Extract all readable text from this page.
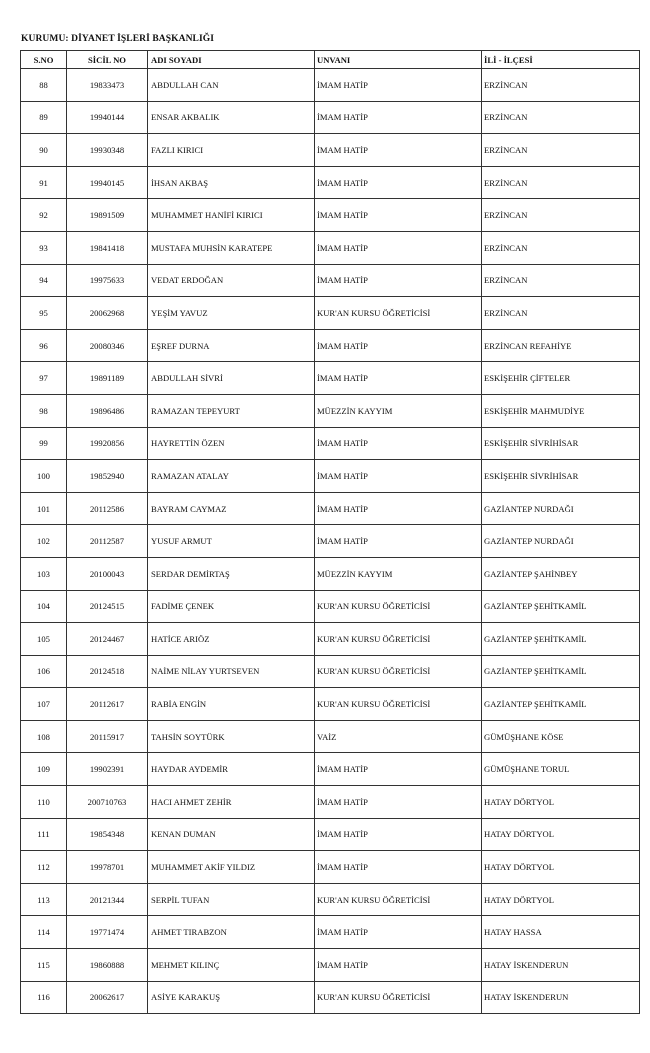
KURUMU: DİYANET İŞLERİ BAŞKANLIĞI
S.NO	SİCİL NO	ADI SOYADI	UNVANI	İLİ - İLÇESİ
88	19833473	ABDULLAH CAN	İMAM HATİP	ERZİNCAN
89	19940144	ENSAR AKBALIK	İMAM HATİP	ERZİNCAN
90	19930348	FAZLI KIRICI	İMAM HATİP	ERZİNCAN
91	19940145	İHSAN AKBAŞ	İMAM HATİP	ERZİNCAN
92	19891509	MUHAMMET HANİFİ KIRICI	İMAM HATİP	ERZİNCAN
93	19841418	MUSTAFA MUHSİN KARATEPE	İMAM HATİP	ERZİNCAN
94	19975633	VEDAT ERDOĞAN	İMAM HATİP	ERZİNCAN
95	20062968	YEŞİM YAVUZ	KUR'AN KURSU ÖĞRETİCİSİ	ERZİNCAN
96	20080346	EŞREF DURNA	İMAM HATİP	ERZİNCAN REFAHİYE
97	19891189	ABDULLAH SİVRİ	İMAM HATİP	ESKİŞEHİR ÇİFTELER
98	19896486	RAMAZAN TEPEYURT	MÜEZZİN KAYYIM	ESKİŞEHİR MAHMUDİYE
99	19920856	HAYRETTİN ÖZEN	İMAM HATİP	ESKİŞEHİR SİVRİHİSAR
100	19852940	RAMAZAN ATALAY	İMAM HATİP	ESKİŞEHİR SİVRİHİSAR
101	20112586	BAYRAM CAYMAZ	İMAM HATİP	GAZİANTEP NURDAĞI
102	20112587	YUSUF ARMUT	İMAM HATİP	GAZİANTEP NURDAĞI
103	20100043	SERDAR DEMİRTAŞ	MÜEZZİN KAYYIM	GAZİANTEP ŞAHİNBEY
104	20124515	FADİME ÇENEK	KUR'AN KURSU ÖĞRETİCİSİ	GAZİANTEP ŞEHİTKAMİL
105	20124467	HATİCE ARIÖZ	KUR'AN KURSU ÖĞRETİCİSİ	GAZİANTEP ŞEHİTKAMİL
106	20124518	NAİME NİLAY YURTSEVEN	KUR'AN KURSU ÖĞRETİCİSİ	GAZİANTEP ŞEHİTKAMİL
107	20112617	RABİA ENGİN	KUR'AN KURSU ÖĞRETİCİSİ	GAZİANTEP ŞEHİTKAMİL
108	20115917	TAHSİN SOYTÜRK	VAİZ	GÜMÜŞHANE KÖSE
109	19902391	HAYDAR AYDEMİR	İMAM HATİP	GÜMÜŞHANE TORUL
110	200710763	HACI AHMET ZEHİR	İMAM HATİP	HATAY DÖRTYOL
111	19854348	KENAN DUMAN	İMAM HATİP	HATAY DÖRTYOL
112	19978701	MUHAMMET AKİF YILDIZ	İMAM HATİP	HATAY DÖRTYOL
113	20121344	SERPİL TUFAN	KUR'AN KURSU ÖĞRETİCİSİ	HATAY DÖRTYOL
114	19771474	AHMET TIRABZON	İMAM HATİP	HATAY HASSA
115	19860888	MEHMET KILINÇ	İMAM HATİP	HATAY İSKENDERUN
116	20062617	ASİYE KARAKUŞ	KUR'AN KURSU ÖĞRETİCİSİ	HATAY İSKENDERUN
